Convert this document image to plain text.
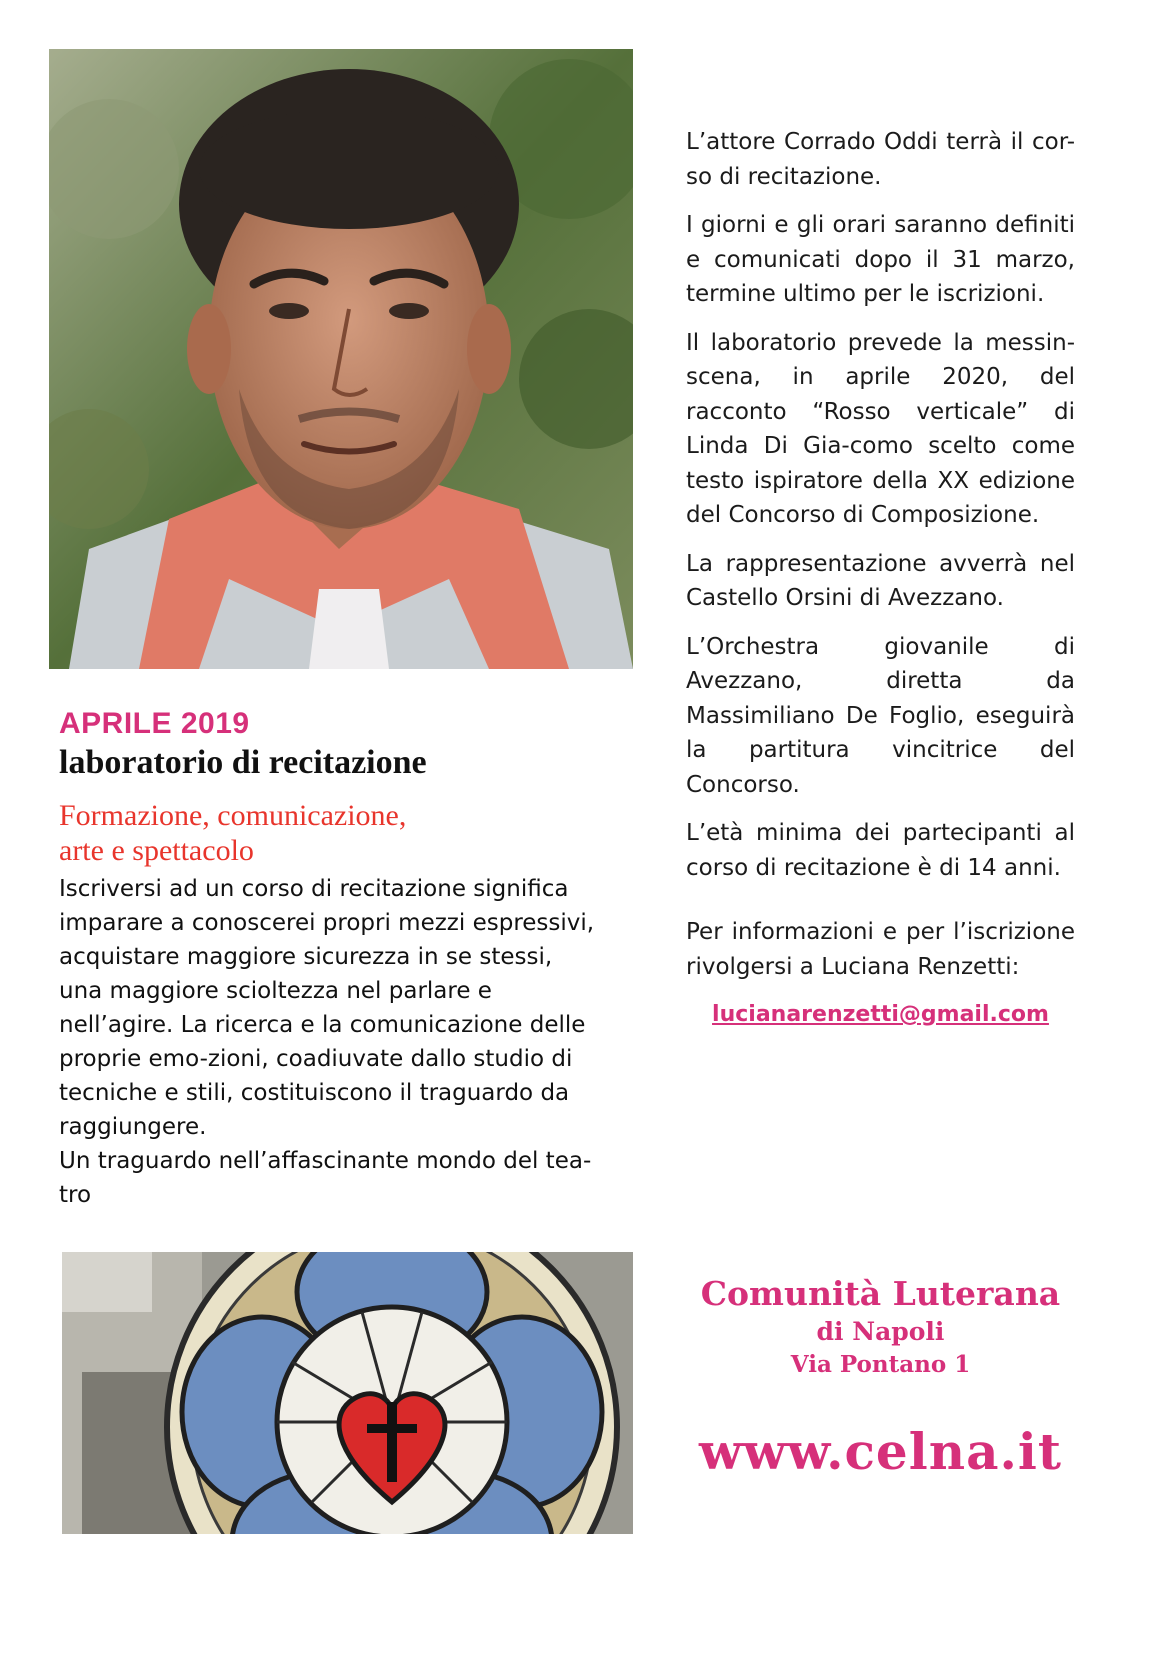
L’attore Corrado Oddi terrà il cor-so di recitazione.

I giorni e gli orari saranno definiti e comunicati dopo il 31 marzo, termine ultimo per le iscrizioni.

Il laboratorio prevede la messin-scena, in aprile 2020, del racconto “Rosso verticale” di Linda Di Gia-como scelto come testo ispiratore della XX edizione del Concorso di Composizione.

La rappresentazione avverrà nel Castello Orsini di Avezzano.

L’Orchestra giovanile di Avezzano, diretta da Massimiliano De Foglio, eseguirà la partitura vincitrice del Concorso.

L’età minima dei partecipanti al corso di recitazione è di 14 anni.

Per informazioni e per l’iscrizione rivolgersi a Luciana Renzetti:

lucianarenzetti@gmail.com
APRILE 2019
laboratorio di recitazione
Formazione, comunicazione,
arte e spettacolo

Iscriversi ad un corso di recitazione significa imparare a conoscerei propri mezzi espressivi, acquistare maggiore sicurezza in se stessi, una maggiore scioltezza nel parlare e nell’agire. La ricerca e la comunicazione delle proprie emo-zioni, coadiuvate dallo studio di tecniche e stili, costituiscono il traguardo da raggiungere.
Un traguardo nell’affascinante mondo del tea-tro

Comunità Luterana
di Napoli
Via Pontano 1
www.celna.it
